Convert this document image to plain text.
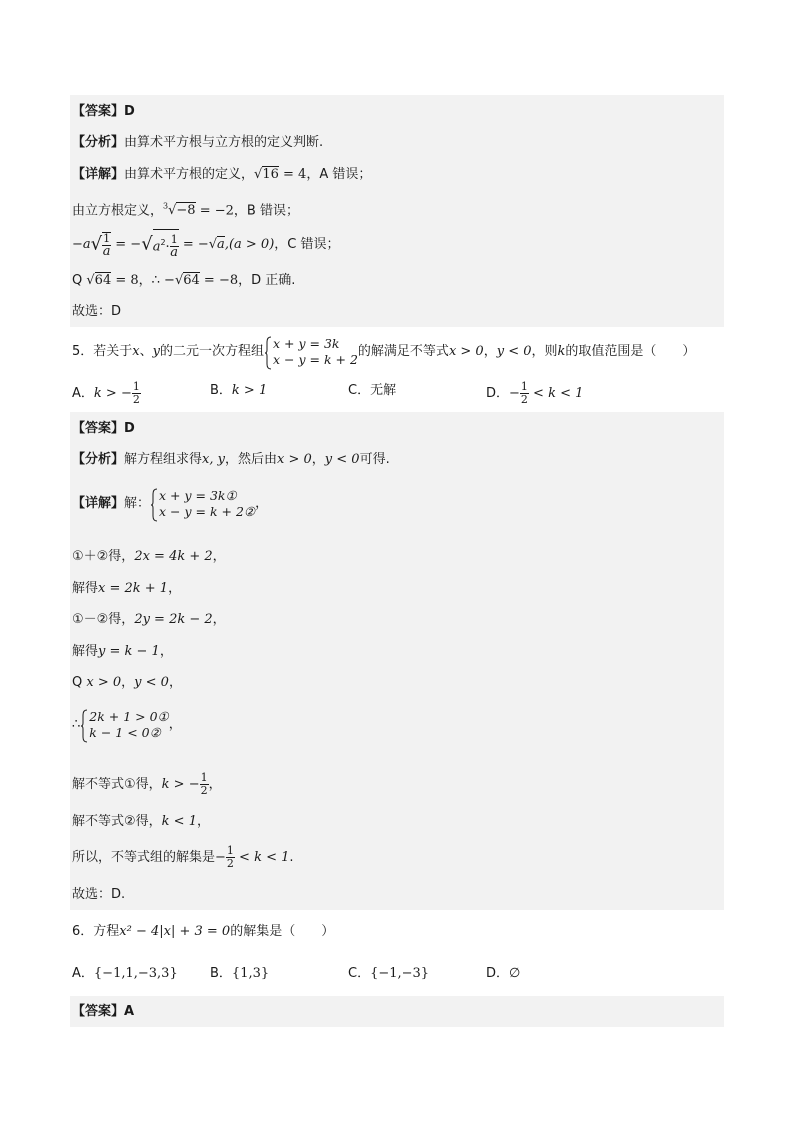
【答案】D
【分析】由算术平方根与立方根的定义判断.
【详解】由算术平方根的定义，√16 = 4，A 错误；
由立方根定义，$^3$√−8 = −2，B 错误；
$-a√ \frac{1}{a} = -√a^2\cdot \frac{1}{a} = -√a,(a > 0)$，C 错误；
Q √64 = 8，∴ −√64 = −8，D 正确.
故选：D
5．若关于x、y的二元一次方程组
x + y = 3k
x − y = k + 2 的解满足不等式x > 0，y < 0，则k的取值范围是（　　）
A．k > − $\frac{1}{2}$	B．k > 1	C．无解	D．− $\frac{1}{2} < k < 1$
【答案】D
【分析】解方程组求得x, y，然后由x > 0，y < 0可得.
【详解】解：
x + y = 3k①
x − y = k + 2② ，
①＋②得，2x = 4k + 2，
解得x = 2k + 1，
①－②得，2y = 2k − 2，
解得y = k − 1，
Q x > 0，y < 0，
∴
2k + 1 > 0①
k − 1 < 0② ，
解不等式①得，k > − $\frac{1}{2}$ ，
解不等式②得，k < 1，
所以，不等式组的解集是− $\frac{1}{2} < k < 1$.
故选：D.
6．方程x² − 4|x| + 3 = 0的解集是（　　）
A．{−1,1,−3,3} B．{1,3}	C．{−1,−3}	D．∅
【答案】A
